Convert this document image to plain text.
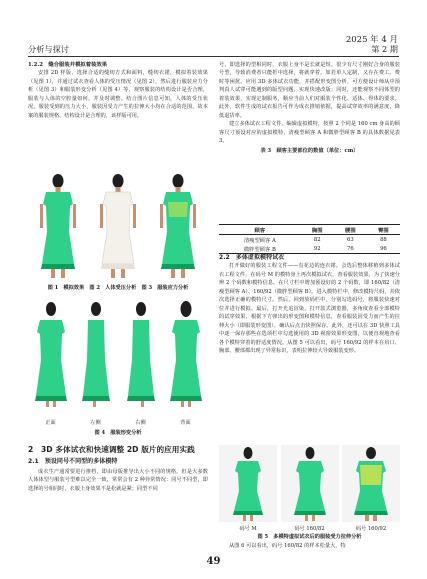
2025 年 4 月
分析与探讨	第 2 期
1.2.2　缝合服装并模拟着装效果

安排 2D 样版，选择合适的缝纫方式和面料，缝纫衣裙，模拟着装效果（见图 1），并通过试衣查看人体的受压情况（见图 2），然后进行服装应力分析（见图 3）和服装形变分析（见图 4）等，观察服装的结构设计是否合理，服装与人体的空腔量如何，并及时调整。结合图片信息可知，人体的受压状况，服装受到的压力大小，服装因受力产生的拉伸大小均在合适的范围，故本案的服装规格、结构设计是合理的，该样版可用。

图 1　模拟效果　图 2　人体受压分析　图 3　服装应力分析
正面	左侧	右侧	背面
图 4　服装形变分析
2　3D 多体试衣和快速调整 2D 版片的应用实践
2.1　预设同号不同型的多体模特

成衣生产通常要进行推档，即由母版推导出大小不同的规格。但是大多数人体体型与服装号型难以完全一致，常常会有 2 种异常情况：同号不同型，即选择的号相同时，衣服上身效果不是松就是紧；同型不同

号，即选择的型相同时，衣服上身不是长就是短。很少有尺寸刚好合身的服装号型，导致消费者只能折中选择，将就穿着。如若单人定制，又存在费工、费时等困扰。应用 3D 多体试衣功能，并搭配形变图分析，可方便设计师从中预判真人试穿可能遇到的版型问题，实现快速改版；同时，还能观察不同体型的着装效果，实现定制服务，顺应当前人们对服装个性化、适体、得体的要求。此外，软件生成的试衣报告可作为成衣推销依据，提高试穿效率的满意度，降低退货率。

建立多体试衣工程文件，编辑虚拟模特，按照 2 个同是 160 cm 身高的顾客尺寸预设对应的虚拟模特，清瘦型顾客 A 和微胖型顾客 B 的具体数据见表 3。

表 3　顾客主要部位的数值（单位：cm）
顾客	胸围	腰围	臀围
清瘦型顾客 A	82	63	88
微胖型顾客 B	92	76	96
2.2　多体虚拟模特试衣

打开做好的服装工程文件——有花边的连衣裙。会选后整体移植到多体试衣工程文件，在码号 M 的模特身上再次模拟试衣，查看服装效果，为了快速分辨 2 个码数和模特信息，在尺寸栏中增加预设好的 2 个码数，即 160/82（清瘦型顾客 A）、160/92（微胖型顾客 B）。进入模特栏中，修改模特尺码，并依次选择正确的模特尺寸。然后，回到放码栏中，分别勾选码号，将服装快速对位并进行模拟。最后，打开光追渲染，打开款式浏览器，多角度查看全部模特的试穿效果，根据下方弹出的形变图和模特信息，查看服装因受力而产生的拉伸大小（即服装形变图），确认后点击快照保存。此外，还可以在 3D 快照工具中逐一保存那些在选项栏中勾选使用的 3D 视窗效果形变图，以便直观地查看各个模特穿着的舒适度情况。从图 5 可以看出，码号 160/92 的样本在肩口、胸部、腰部都出现了异常标识，表明拉伸较大导致服装变形。

码号 M	码号 160/82	码号 160/92
图 5　多模特虚拟试衣后的服装受力拉伸分析

从图 6 可以看出，码号 160/82 的样本松量大，特

49
